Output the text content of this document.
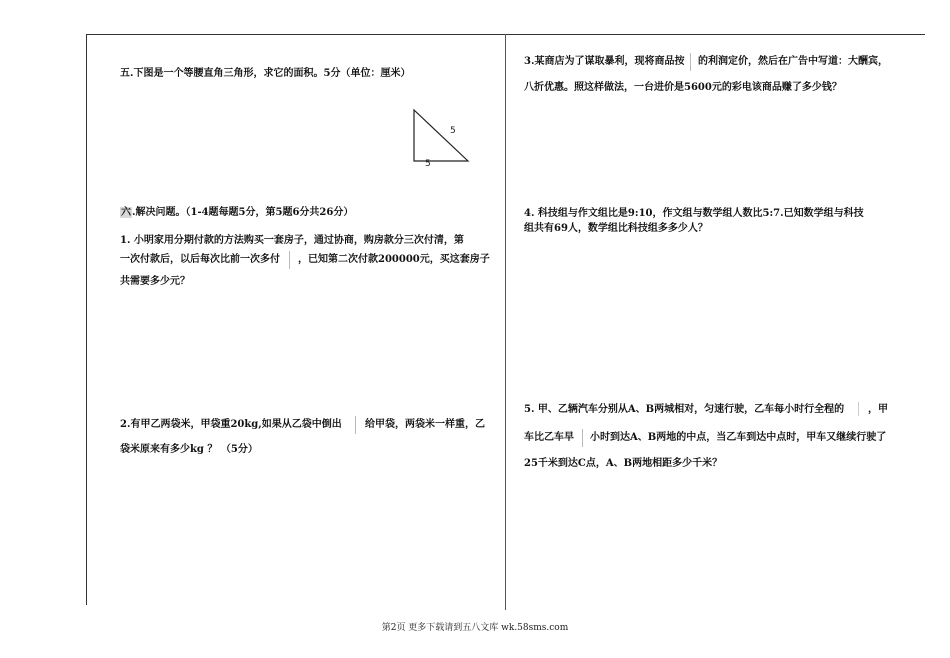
五.下图是一个等腰直角三角形，求它的面积。5分（单位：厘米）
5
5
六.解决问题。（1-4题每题5分，第5题6分共26分）
1. 小明家用分期付款的方法购买一套房子，通过协商，购房款分三次付清，第
一次付款后，以后每次比前一次多付 ，已知第二次付款200000元，买这套房子
共需要多少元？
2.有甲乙两袋米，甲袋重20kg,如果从乙袋中倒出 给甲袋，两袋米一样重，乙
袋米原来有多少kg ？ （5分）
3.某商店为了谋取暴利，现将商品按 的利润定价，然后在广告中写道：大酬宾，
八折优惠。照这样做法，一台进价是5600元的彩电该商品赚了多少钱？
4. 科技组与作文组比是9:10，作文组与数学组人数比5:7.已知数学组与科技
组共有69人，数学组比科技组多多少人？
5. 甲、乙辆汽车分别从A、B两城相对，匀速行驶，乙车每小时行全程的 ，甲
车比乙车早 小时到达A、B两地的中点，当乙车到达中点时，甲车又继续行驶了
25千米到达C点，A、B两地相距多少千米？
第2页 更多下载请到五八文库 wk.58sms.com
